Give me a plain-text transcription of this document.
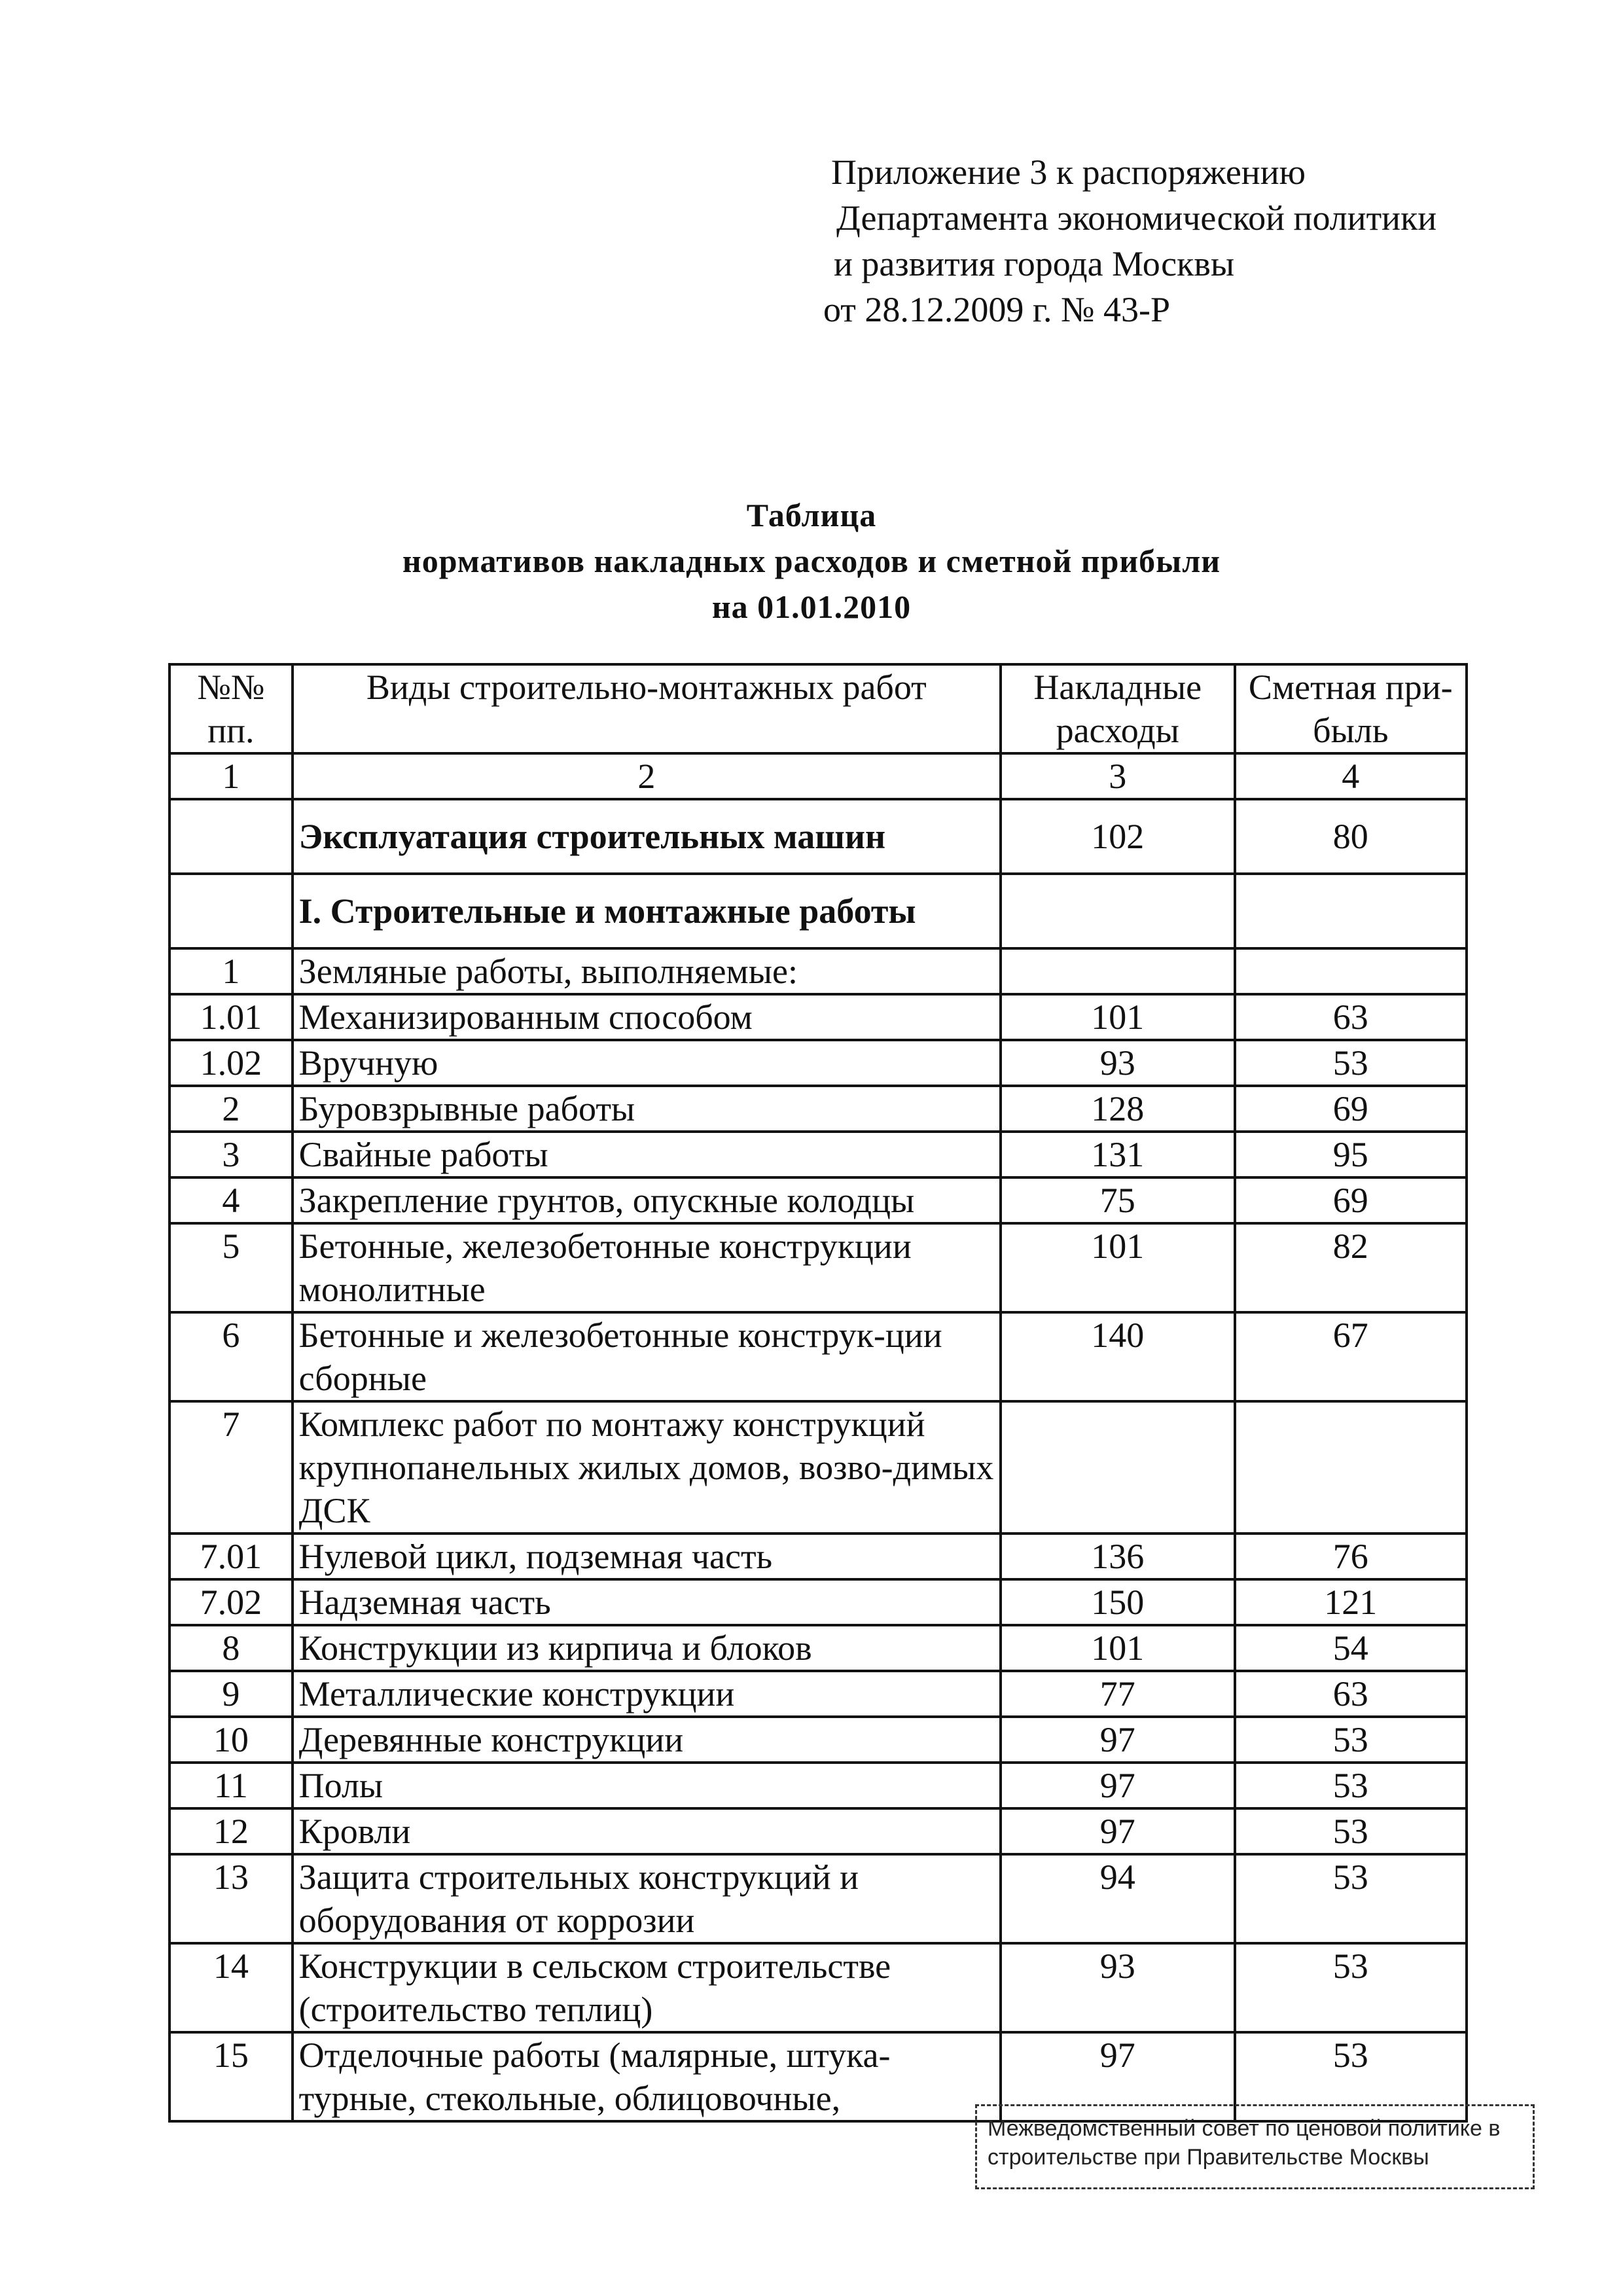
Приложение 3 к распоряжению
Департамента экономической политики
и развития города Москвы
от 28.12.2009 г. № 43-Р
Таблица
нормативов накладных расходов и сметной прибыли
на 01.01.2010
№№ пп.	Виды строительно-монтажных работ	Накладные расходы	Сметная при-быль
1	2	3	4
	Эксплуатация строительных машин	102	80
	I. Строительные и монтажные работы		
1	Земляные работы, выполняемые:		
1.01	Механизированным способом	101	63
1.02	Вручную	93	53
2	Буровзрывные работы	128	69
3	Свайные работы	131	95
4	Закрепление грунтов, опускные колодцы	75	69
5	Бетонные, железобетонные конструкции монолитные	101	82
6	Бетонные и железобетонные конструк-ции сборные	140	67
7	Комплекс работ по монтажу конструкций крупнопанельных жилых домов, возво-димых ДСК		
7.01	Нулевой цикл, подземная часть	136	76
7.02	Надземная часть	150	121
8	Конструкции из кирпича и блоков	101	54
9	Металлические конструкции	77	63
10	Деревянные конструкции	97	53
11	Полы	97	53
12	Кровли	97	53
13	Защита строительных конструкций и оборудования от коррозии	94	53
14	Конструкции в сельском строительстве (строительство теплиц)	93	53
15	Отделочные работы (малярные, штука-турные, стекольные, облицовочные,	97	53
Межведомственный совет по ценовой политике в
строительстве при Правительстве Москвы
